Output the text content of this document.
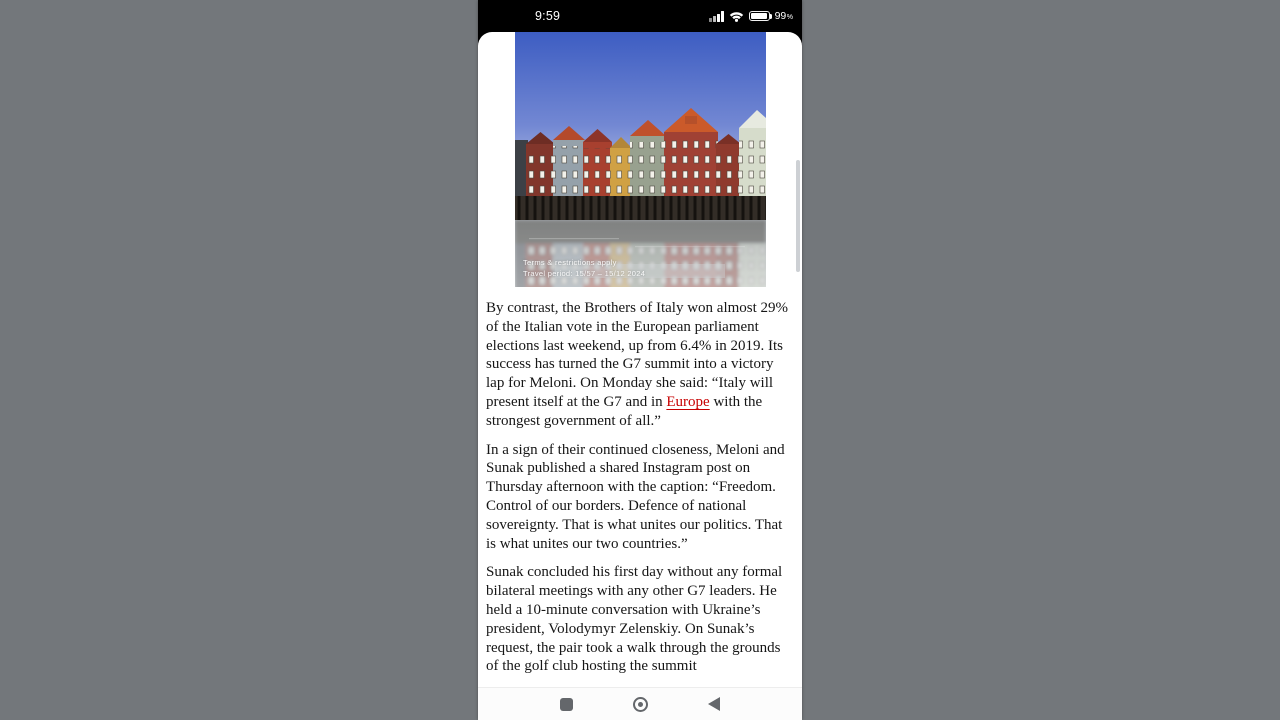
9:59	99 %
Terms & restrictions apply
Travel period: 15/57 – 15/12 2024

By contrast, the Brothers of Italy won almost 29% of the Italian vote in the European parliament elections last weekend, up from 6.4% in 2019. Its success has turned the G7 summit into a victory lap for Meloni. On Monday she said: “Italy will present itself at the G7 and in Europe with the strongest government of all.”

In a sign of their continued closeness, Meloni and Sunak published a shared Instagram post on Thursday afternoon with the caption: “Freedom. Control of our borders. Defence of national sovereignty. That is what unites our politics. That is what unites our two countries.”

Sunak concluded his first day without any formal bilateral meetings with any other G7 leaders. He held a 10-minute conversation with Ukraine’s president, Volodymyr Zelenskiy. On Sunak’s request, the pair took a walk through the grounds of the golf club hosting the summit
